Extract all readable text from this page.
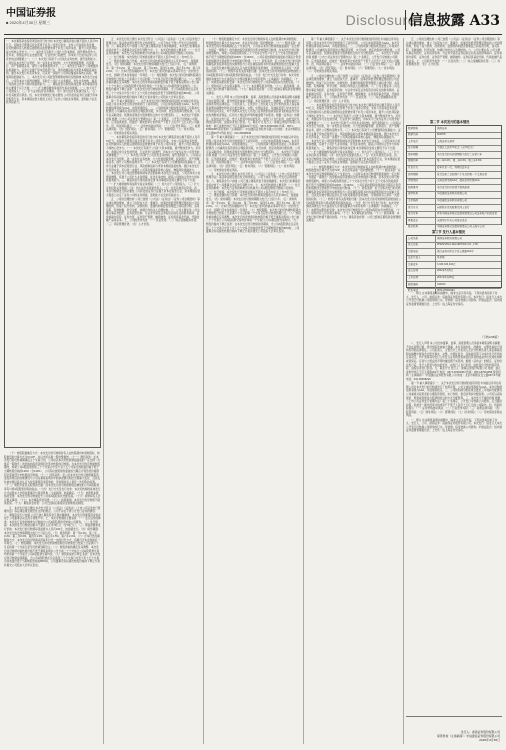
中国证券报
■ 2020年4月30日 星期三	Disclosure
信息披露 A33

一、本次募集资金投资项目的可行性分析 本次发行募集资金总额不超过人民币70亿元，扣除发行费用后将全部用于补充公司营运资金，支持公司各项业务发展，在可转债持有人转股后按照相关监管要求用于补充公司资本金，提升公司抗风险能力和核心竞争力。（一）本次发行有助于公司扩大资本规模，提升整体竞争力。近年来，我国证券行业发展迅速，行业竞争日趋激烈，资本实力已成为证券公司竞争的关键要素之一。（二）本次发行有助于公司优化业务结构，提升盈利能力。公司将以本次发行为契机，进一步优化业务结构，大力发展财富管理、投资银行、资产管理等业务，提升公司整体盈利水平。（三）本次发行有助于公司增强风险抵御能力。证券行业属于资本密集型行业，风险控制指标与净资本规模直接挂钩。通过本次发行补充资本金，可以进一步提升公司风险覆盖率等核心指标，增强风险抵御能力。二、本次发行对公司经营管理和财务状况的影响 本次发行完成后，公司资本实力将得到增强，有助于公司扩大业务规模，优化业务结构，提高公司的综合竞争力和持续盈利能力。三、募集资金运用的具体安排 本次募集资金将主要用于以下方面：（一）扩大融资融券等信用交易业务规模；（二）加大对子公司的投入；（三）扩大证券投资业务规模；（四）加大信息系统建设投入；（五）补充其他营运资金。四、本次可转债发行的必要性 公司所处的证券行业属于资本密集型行业，资本规模在很大程度上决定了证券公司的业务规模、盈利能力以及抗风险能力。

（十）转股股数确定方式：本次发行的可转债持有人在转股期内申请转股时，转股数量的计算方式为Q=V/P，并以去尾法取一股的整数倍。（十一）赎回条款：在本次发行的可转债期满后五个交易日内，公司将以本次可转债票面面值的一定比例（含最后一期利息）的价格向投资者赎回全部未转股的可转债。在本次发行的可转债转股期内，如果公司A股股票连续三十个交易日中至少有十五个交易日的收盘价格不低于当期转股价格的130%（含130%），公司有权按照债券面值加当期应计利息的价格赎回全部或部分未转股的可转债。（十二）回售条款：若公司本次发行的可转债募集资金投资项目的实施情况与公司在募集说明书中的承诺情况相比出现重大变化，且该变化被中国证监会认定为改变募集资金用途的，可转债持有人享有一次回售的权利。（十三）转股年度有关股利的归属：因本次发行的可转债转股而增加的公司A股股票享有与原A股股票同等的权益。（十四）发行方式及发行对象：本次可转债的具体发行方式由股东大会授权董事会与保荐机构（主承销商）协商确定。（十五）向原股东配售的安排：本次发行的可转债给予公司原A股股东优先配售权。（十六）债券持有人会议相关事项。（十七）本次募集资金用途。（十八）担保事项：本次发行的可转债不提供担保。（十九）募集资金存管：公司已经制定募集资金管理相关制度。

五、本次发行的合规性 本次发行符合《公司法》《证券法》《上市公司证券发行管理办法》等法律法规及规范性文件的规定。公司不存在不得公开发行证券的情形。六、募集资金专户存储 公司已建立募集资金专项存储制度，本次发行的募集资金将存放于公司董事会决定的专项账户中。七、本次可转债的主要条款 （一）发行证券的种类：本次发行证券的种类为可转换为公司A股股票的可转换公司债券。（二）发行规模：本次拟发行可转债总额为不超过人民币70亿元（含70亿元）。（三）票面金额和发行价格：本次发行的可转债每张面值为人民币100元，按面值发行。（四）债券期限：本次发行的可转债期限为发行之日起六年。（五）债券利率：第一年0.2%、第二年0.4%、第三年0.6%、第四年1.0%、第五年1.5%、第六年2.0%。（六）还本付息的期限和方式：本次发行的可转债采用每年付息一次的付息方式，到期归还本金和最后一年利息。（七）转股期限：本次发行的可转债转股期自可转债发行结束之日起满六个月后的第一个交易日起至可转债到期日止。（八）转股价格的确定及其调整：本次发行的可转债初始转股价格不低于募集说明书公告日前二十个交易日公司A股股票交易均价和前一个交易日公司A股股票交易均价。（九）转股价格向下修正条款：在本次发行的可转债存续期间，当公司A股股票在任意连续三十个交易日中至少有十五个交易日的收盘价低于当期转股价格的80%时，公司董事会有权提出转股价格向下修正方案并提交公司股东大会审议表决。

五、本次发行的合规性 本次发行符合《公司法》《证券法》《上市公司证券发行管理办法》等法律法规及规范性文件的规定。公司不存在不得公开发行证券的情形。六、募集资金专户存储 公司已建立募集资金专项存储制度，本次发行的募集资金将存放于公司董事会决定的专项账户中。七、本次可转债的主要条款 （一）发行证券的种类：本次发行证券的种类为可转换为公司A股股票的可转换公司债券。（二）发行规模：本次拟发行可转债总额为不超过人民币70亿元（含70亿元）。（三）票面金额和发行价格：本次发行的可转债每张面值为人民币100元，按面值发行。（四）债券期限：本次发行的可转债期限为发行之日起六年。（五）债券利率：第一年0.2%、第二年0.4%、第三年0.6%、第四年1.0%、第五年1.5%、第六年2.0%。（六）还本付息的期限和方式：本次发行的可转债采用每年付息一次的付息方式，到期归还本金和最后一年利息。（七）转股期限：本次发行的可转债转股期自可转债发行结束之日起满六个月后的第一个交易日起至可转债到期日止。（八）转股价格的确定及其调整：本次发行的可转债初始转股价格不低于募集说明书公告日前二十个交易日公司A股股票交易均价和前一个交易日公司A股股票交易均价。（九）转股价格向下修正条款：在本次发行的可转债存续期间，当公司A股股票在任意连续三十个交易日中至少有十五个交易日的收盘价低于当期转股价格的80%时，公司董事会有权提出转股价格向下修正方案并提交公司股东大会审议表决。

第一节 重大事项提示 一、关于本次发行的可转债的信用评级 中诚信证券评估有限公司对本次发行的可转债进行了信用评级，公司主体信用等级为AAA，本次可转债信用等级为AAA，评级展望稳定。二、公司的利润分配政策及最近三年利润分配情况 公司重视对投资者的合理投资回报，实行持续、稳定的利润分配政策。公司可以采取现金、股票或者现金与股票相结合的方式分配股利。三、本次发行不提供担保 根据《上市公司证券发行管理办法》第二十条规定，公开发行可转换公司债券，应当提供担保，但最近一期末经审计的净资产不低于人民币十五亿元的公司除外。四、特别风险提示 （一）证券市场波动风险；（二）行业竞争风险；（三）政策法律风险；（四）经营风险；（五）财务风险；（六）管理风险；（七）技术风险；（八）可转债自身相关风险。

一、本次募集资金投资项目的可行性分析 本次发行募集资金总额不超过人民币70亿元，扣除发行费用后将全部用于补充公司营运资金，支持公司各项业务发展，在可转债持有人转股后按照相关监管要求用于补充公司资本金，提升公司抗风险能力和核心竞争力。（一）本次发行有助于公司扩大资本规模，提升整体竞争力。近年来，我国证券行业发展迅速，行业竞争日趋激烈，资本实力已成为证券公司竞争的关键要素之一。（二）本次发行有助于公司优化业务结构，提升盈利能力。公司将以本次发行为契机，进一步优化业务结构，大力发展财富管理、投资银行、资产管理等业务，提升公司整体盈利水平。（三）本次发行有助于公司增强风险抵御能力。证券行业属于资本密集型行业，风险控制指标与净资本规模直接挂钩。通过本次发行补充资本金，可以进一步提升公司风险覆盖率等核心指标，增强风险抵御能力。二、本次发行对公司经营管理和财务状况的影响 本次发行完成后，公司资本实力将得到增强，有助于公司扩大业务规模，优化业务结构，提高公司的综合竞争力和持续盈利能力。三、募集资金运用的具体安排 本次募集资金将主要用于以下方面：（一）扩大融资融券等信用交易业务规模；（二）加大对子公司的投入；（三）扩大证券投资业务规模；（四）加大信息系统建设投入；（五）补充其他营运资金。四、本次可转债发行的必要性 公司所处的证券行业属于资本密集型行业，资本规模在很大程度上决定了证券公司的业务规模、盈利能力以及抗风险能力。

五、公司的治理结构 公司已按照《公司法》《证券法》《证券公司治理准则》等法律法规的要求，建立了由股东大会、董事会、监事会和经营管理层组成的公司治理结构，形成了权力机构、决策机构、监督机构和经营管理层之间权责分明、各司其职、有效制衡、科学决策、协调运作的法人治理结构。六、公司主要业务 公司主要从事证券经纪、证券投资咨询、与证券交易及证券投资活动有关的财务顾问、证券承销与保荐、证券自营、证券资产管理、融资融券、证券投资基金代销、代销金融产品等业务。七、公司的竞争优势 （一）区位优势；（二）综合金融服务优势；（三）风险管理优势；（四）人才优势。

（十）转股股数确定方式：本次发行的可转债持有人在转股期内申请转股时，转股数量的计算方式为Q=V/P，并以去尾法取一股的整数倍。（十一）赎回条款：在本次发行的可转债期满后五个交易日内，公司将以本次可转债票面面值的一定比例（含最后一期利息）的价格向投资者赎回全部未转股的可转债。在本次发行的可转债转股期内，如果公司A股股票连续三十个交易日中至少有十五个交易日的收盘价格不低于当期转股价格的130%（含130%），公司有权按照债券面值加当期应计利息的价格赎回全部或部分未转股的可转债。（十二）回售条款：若公司本次发行的可转债募集资金投资项目的实施情况与公司在募集说明书中的承诺情况相比出现重大变化，且该变化被中国证监会认定为改变募集资金用途的，可转债持有人享有一次回售的权利。（十三）转股年度有关股利的归属：因本次发行的可转债转股而增加的公司A股股票享有与原A股股票同等的权益。（十四）发行方式及发行对象：本次可转债的具体发行方式由股东大会授权董事会与保荐机构（主承销商）协商确定。（十五）向原股东配售的安排：本次发行的可转债给予公司原A股股东优先配售权。（十六）债券持有人会议相关事项。（十七）本次募集资金用途。（十八）担保事项：本次发行的可转债不提供担保。（十九）募集资金存管：公司已经制定募集资金管理相关制度。

八、发行人声明 本公司全体董事、监事、高级管理人员承诺本募集说明书摘要不存在虚假记载、误导性陈述或重大遗漏，并对其真实性、准确性、完整性承担个别和连带的法律责任。公司负责人、主管会计工作负责人及会计机构负责人保证募集说明书摘要中财务会计报告真实、完整。中国证监会、其他政府部门对本次发行所作的任何决定，均不表明其对发行人所发行证券的价值或者投资者的收益作出实质性判断或者保证。任何与之相反的声明均属虚假不实陈述。根据《证券法》的规定，证券依法发行后，发行人经营与收益的变化，由发行人自行负责，由此变化引致的投资风险，由投资者自行负责。九、联系方式 发行人：浙商证券股份有限公司 地址：浙江省杭州市江干区五星路201号 电话：0571-87901964 传真：0571-87901955 保荐机构（主承销商）：中信建投证券股份有限公司 地址：北京市朝阳区安立路66号4号楼 电话：010-65608299

第一节 重大事项提示 一、关于本次发行的可转债的信用评级 中诚信证券评估有限公司对本次发行的可转债进行了信用评级，公司主体信用等级为AAA，本次可转债信用等级为AAA，评级展望稳定。二、公司的利润分配政策及最近三年利润分配情况 公司重视对投资者的合理投资回报，实行持续、稳定的利润分配政策。公司可以采取现金、股票或者现金与股票相结合的方式分配股利。三、本次发行不提供担保 根据《上市公司证券发行管理办法》第二十条规定，公开发行可转换公司债券，应当提供担保，但最近一期末经审计的净资产不低于人民币十五亿元的公司除外。四、特别风险提示 （一）证券市场波动风险；（二）行业竞争风险；（三）政策法律风险；（四）经营风险；（五）财务风险；（六）管理风险；（七）技术风险；（八）可转债自身相关风险。

五、本次发行的合规性 本次发行符合《公司法》《证券法》《上市公司证券发行管理办法》等法律法规及规范性文件的规定。公司不存在不得公开发行证券的情形。六、募集资金专户存储 公司已建立募集资金专项存储制度，本次发行的募集资金将存放于公司董事会决定的专项账户中。七、本次可转债的主要条款 （一）发行证券的种类：本次发行证券的种类为可转换为公司A股股票的可转换公司债券。（二）发行规模：本次拟发行可转债总额为不超过人民币70亿元（含70亿元）。（三）票面金额和发行价格：本次发行的可转债每张面值为人民币100元，按面值发行。（四）债券期限：本次发行的可转债期限为发行之日起六年。（五）债券利率：第一年0.2%、第二年0.4%、第三年0.6%、第四年1.0%、第五年1.5%、第六年2.0%。（六）还本付息的期限和方式：本次发行的可转债采用每年付息一次的付息方式，到期归还本金和最后一年利息。（七）转股期限：本次发行的可转债转股期自可转债发行结束之日起满六个月后的第一个交易日起至可转债到期日止。（八）转股价格的确定及其调整：本次发行的可转债初始转股价格不低于募集说明书公告日前二十个交易日公司A股股票交易均价和前一个交易日公司A股股票交易均价。（九）转股价格向下修正条款：在本次发行的可转债存续期间，当公司A股股票在任意连续三十个交易日中至少有十五个交易日的收盘价低于当期转股价格的80%时，公司董事会有权提出转股价格向下修正方案并提交公司股东大会审议表决。

第一节 重大事项提示 一、关于本次发行的可转债的信用评级 中诚信证券评估有限公司对本次发行的可转债进行了信用评级，公司主体信用等级为AAA，本次可转债信用等级为AAA，评级展望稳定。二、公司的利润分配政策及最近三年利润分配情况 公司重视对投资者的合理投资回报，实行持续、稳定的利润分配政策。公司可以采取现金、股票或者现金与股票相结合的方式分配股利。三、本次发行不提供担保 根据《上市公司证券发行管理办法》第二十条规定，公开发行可转换公司债券，应当提供担保，但最近一期末经审计的净资产不低于人民币十五亿元的公司除外。四、特别风险提示 （一）证券市场波动风险；（二）行业竞争风险；（三）政策法律风险；（四）经营风险；（五）财务风险；（六）管理风险；（七）技术风险；（八）可转债自身相关风险。

五、公司的治理结构 公司已按照《公司法》《证券法》《证券公司治理准则》等法律法规的要求，建立了由股东大会、董事会、监事会和经营管理层组成的公司治理结构，形成了权力机构、决策机构、监督机构和经营管理层之间权责分明、各司其职、有效制衡、科学决策、协调运作的法人治理结构。六、公司主要业务 公司主要从事证券经纪、证券投资咨询、与证券交易及证券投资活动有关的财务顾问、证券承销与保荐、证券自营、证券资产管理、融资融券、证券投资基金代销、代销金融产品等业务。七、公司的竞争优势 （一）区位优势；（二）综合金融服务优势；（三）风险管理优势；（四）人才优势。

一、本次募集资金投资项目的可行性分析 本次发行募集资金总额不超过人民币70亿元，扣除发行费用后将全部用于补充公司营运资金，支持公司各项业务发展，在可转债持有人转股后按照相关监管要求用于补充公司资本金，提升公司抗风险能力和核心竞争力。（一）本次发行有助于公司扩大资本规模，提升整体竞争力。近年来，我国证券行业发展迅速，行业竞争日趋激烈，资本实力已成为证券公司竞争的关键要素之一。（二）本次发行有助于公司优化业务结构，提升盈利能力。公司将以本次发行为契机，进一步优化业务结构，大力发展财富管理、投资银行、资产管理等业务，提升公司整体盈利水平。（三）本次发行有助于公司增强风险抵御能力。证券行业属于资本密集型行业，风险控制指标与净资本规模直接挂钩。通过本次发行补充资本金，可以进一步提升公司风险覆盖率等核心指标，增强风险抵御能力。二、本次发行对公司经营管理和财务状况的影响 本次发行完成后，公司资本实力将得到增强，有助于公司扩大业务规模，优化业务结构，提高公司的综合竞争力和持续盈利能力。三、募集资金运用的具体安排 本次募集资金将主要用于以下方面：（一）扩大融资融券等信用交易业务规模；（二）加大对子公司的投入；（三）扩大证券投资业务规模；（四）加大信息系统建设投入；（五）补充其他营运资金。四、本次可转债发行的必要性 公司所处的证券行业属于资本密集型行业，资本规模在很大程度上决定了证券公司的业务规模、盈利能力以及抗风险能力。

（十）转股股数确定方式：本次发行的可转债持有人在转股期内申请转股时，转股数量的计算方式为Q=V/P，并以去尾法取一股的整数倍。（十一）赎回条款：在本次发行的可转债期满后五个交易日内，公司将以本次可转债票面面值的一定比例（含最后一期利息）的价格向投资者赎回全部未转股的可转债。在本次发行的可转债转股期内，如果公司A股股票连续三十个交易日中至少有十五个交易日的收盘价格不低于当期转股价格的130%（含130%），公司有权按照债券面值加当期应计利息的价格赎回全部或部分未转股的可转债。（十二）回售条款：若公司本次发行的可转债募集资金投资项目的实施情况与公司在募集说明书中的承诺情况相比出现重大变化，且该变化被中国证监会认定为改变募集资金用途的，可转债持有人享有一次回售的权利。（十三）转股年度有关股利的归属：因本次发行的可转债转股而增加的公司A股股票享有与原A股股票同等的权益。（十四）发行方式及发行对象：本次可转债的具体发行方式由股东大会授权董事会与保荐机构（主承销商）协商确定。（十五）向原股东配售的安排：本次发行的可转债给予公司原A股股东优先配售权。（十六）债券持有人会议相关事项。（十七）本次募集资金用途。（十八）担保事项：本次发行的可转债不提供担保。（十九）募集资金存管：公司已经制定募集资金管理相关制度。

五、公司的治理结构 公司已按照《公司法》《证券法》《证券公司治理准则》等法律法规的要求，建立了由股东大会、董事会、监事会和经营管理层组成的公司治理结构，形成了权力机构、决策机构、监督机构和经营管理层之间权责分明、各司其职、有效制衡、科学决策、协调运作的法人治理结构。六、公司主要业务 公司主要从事证券经纪、证券投资咨询、与证券交易及证券投资活动有关的财务顾问、证券承销与保荐、证券自营、证券资产管理、融资融券、证券投资基金代销、代销金融产品等业务。七、公司的竞争优势 （一）区位优势；（二）综合金融服务优势；（三）风险管理优势；（四）人才优势。

第二节 本次发行的基本情况
股票简称	浙商证券
股票代码	601878
上市地点	上海证券交易所
发行规模	不超过人民币70亿元（含70亿元）
债券期限	本次发行的可转债期限为发行之日起六年
票面利率	第一年0.2%、第二年0.4%、第三年0.6%
付息方式	每年付息一次，到期归还本金
转股期限	发行结束之日起满六个月后的第一个交易日起
评级情况	主体信用等级AAA，债券信用等级AAA
担保事项	本次发行的可转债不提供担保
保荐机构	中信建投证券股份有限公司
主承销商	中信建投证券股份有限公司
发行方式	向原股东优先配售及网上发行
发行对象	持有中国证券登记结算有限责任公司证券账户的投资者
募集资金	全部用于补充公司营运资金
登记机构	中国证券登记结算有限责任公司上海分公司
第三节 发行人基本情况
公司名称	浙商证券股份有限公司
英文名称	ZHESHANG SECURITIES CO., LTD.
注册地址	浙江省杭州市江干区五星路201号
法定代表人	吴承根
注册资本	3,333,333,334元
成立日期	2002年5月9日
上市日期	2017年6月26日
邮政编码	310020
联系电话	0571-87901964

一、释义 在本募集说明书摘要中，除非文意另有所指，下列词语具有如下含义。发行人、公司、浙商证券：指浙商证券股份有限公司。本次发行：指发行人本次公开发行可转换公司债券的行为。可转债：指可转换公司债券。中国证监会：指中国证券监督管理委员会。上交所：指上海证券交易所。

（下转A34版）

八、发行人声明 本公司全体董事、监事、高级管理人员承诺本募集说明书摘要不存在虚假记载、误导性陈述或重大遗漏，并对其真实性、准确性、完整性承担个别和连带的法律责任。公司负责人、主管会计工作负责人及会计机构负责人保证募集说明书摘要中财务会计报告真实、完整。中国证监会、其他政府部门对本次发行所作的任何决定，均不表明其对发行人所发行证券的价值或者投资者的收益作出实质性判断或者保证。任何与之相反的声明均属虚假不实陈述。根据《证券法》的规定，证券依法发行后，发行人经营与收益的变化，由发行人自行负责，由此变化引致的投资风险，由投资者自行负责。九、联系方式 发行人：浙商证券股份有限公司 地址：浙江省杭州市江干区五星路201号 电话：0571-87901964 传真：0571-87901955 保荐机构（主承销商）：中信建投证券股份有限公司 地址：北京市朝阳区安立路66号4号楼 电话：010-65608299

第一节 重大事项提示 一、关于本次发行的可转债的信用评级 中诚信证券评估有限公司对本次发行的可转债进行了信用评级，公司主体信用等级为AAA，本次可转债信用等级为AAA，评级展望稳定。二、公司的利润分配政策及最近三年利润分配情况 公司重视对投资者的合理投资回报，实行持续、稳定的利润分配政策。公司可以采取现金、股票或者现金与股票相结合的方式分配股利。三、本次发行不提供担保 根据《上市公司证券发行管理办法》第二十条规定，公开发行可转换公司债券，应当提供担保，但最近一期末经审计的净资产不低于人民币十五亿元的公司除外。四、特别风险提示 （一）证券市场波动风险；（二）行业竞争风险；（三）政策法律风险；（四）经营风险；（五）财务风险；（六）管理风险；（七）技术风险；（八）可转债自身相关风险。

一、释义 在本募集说明书摘要中，除非文意另有所指，下列词语具有如下含义。发行人、公司、浙商证券：指浙商证券股份有限公司。本次发行：指发行人本次公开发行可转换公司债券的行为。可转债：指可转换公司债券。中国证监会：指中国证券监督管理委员会。上交所：指上海证券交易所。

发行人：浙商证券股份有限公司
保荐机构（主承销商）：中信建投证券股份有限公司
2020年4月30日
